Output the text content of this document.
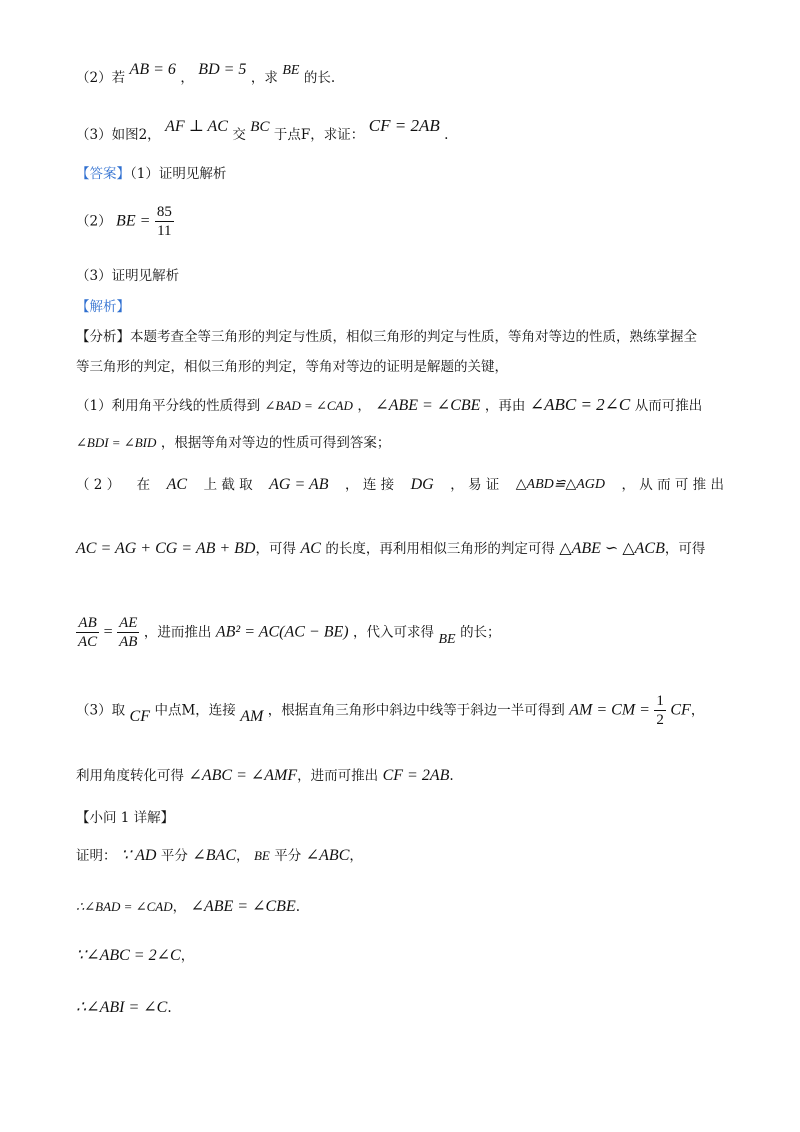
（2）若 AB = 6 ， BD = 5 ，求 BE 的长.
（3）如图2， AF ⊥ AC 交 BC 于点F，求证： CF = 2AB .
【答案】（1）证明见解析
（2） BE = $\frac{85}{11}$
（3）证明见解析
【解析】
【分析】本题考查全等三角形的判定与性质，相似三角形的判定与性质，等角对等边的性质，熟练掌握全
等三角形的判定，相似三角形的判定，等角对等边的证明是解题的关键，
（1）利用角平分线的性质得到 ∠BAD = ∠CAD ， ∠ABE = ∠CBE ，再由 ∠ABC = 2∠C 从而可推出
∠BDI = ∠BID ，根据等角对等边的性质可得到答案；
（ 2 ） 在 AC 上 截 取 AG = AB ， 连 接 DG ， 易 证 △ABD≌△AGD ， 从 而 可 推 出
AC = AG + CG = AB + BD，可得 AC 的长度，再利用相似三角形的判定可得 △ABE ∽ △ACB，可得
$\frac{AB}{AC} = \frac{AE}{AB}$ ，进而推出 AB² = AC(AC − BE) ，代入可求得 BE 的长；
（3）取 CF 中点M，连接 AM ，根据直角三角形中斜边中线等于斜边一半可得到 AM = CM = $\frac{1}{2}$ CF，
利用角度转化可得 ∠ABC = ∠AMF，进而可推出 CF = 2AB.
【小问 1 详解】
证明： ∵ AD 平分 ∠BAC， BE 平分 ∠ABC，
∴∠BAD = ∠CAD， ∠ABE = ∠CBE.
∵∠ABC = 2∠C，
∴∠ABI = ∠C.
